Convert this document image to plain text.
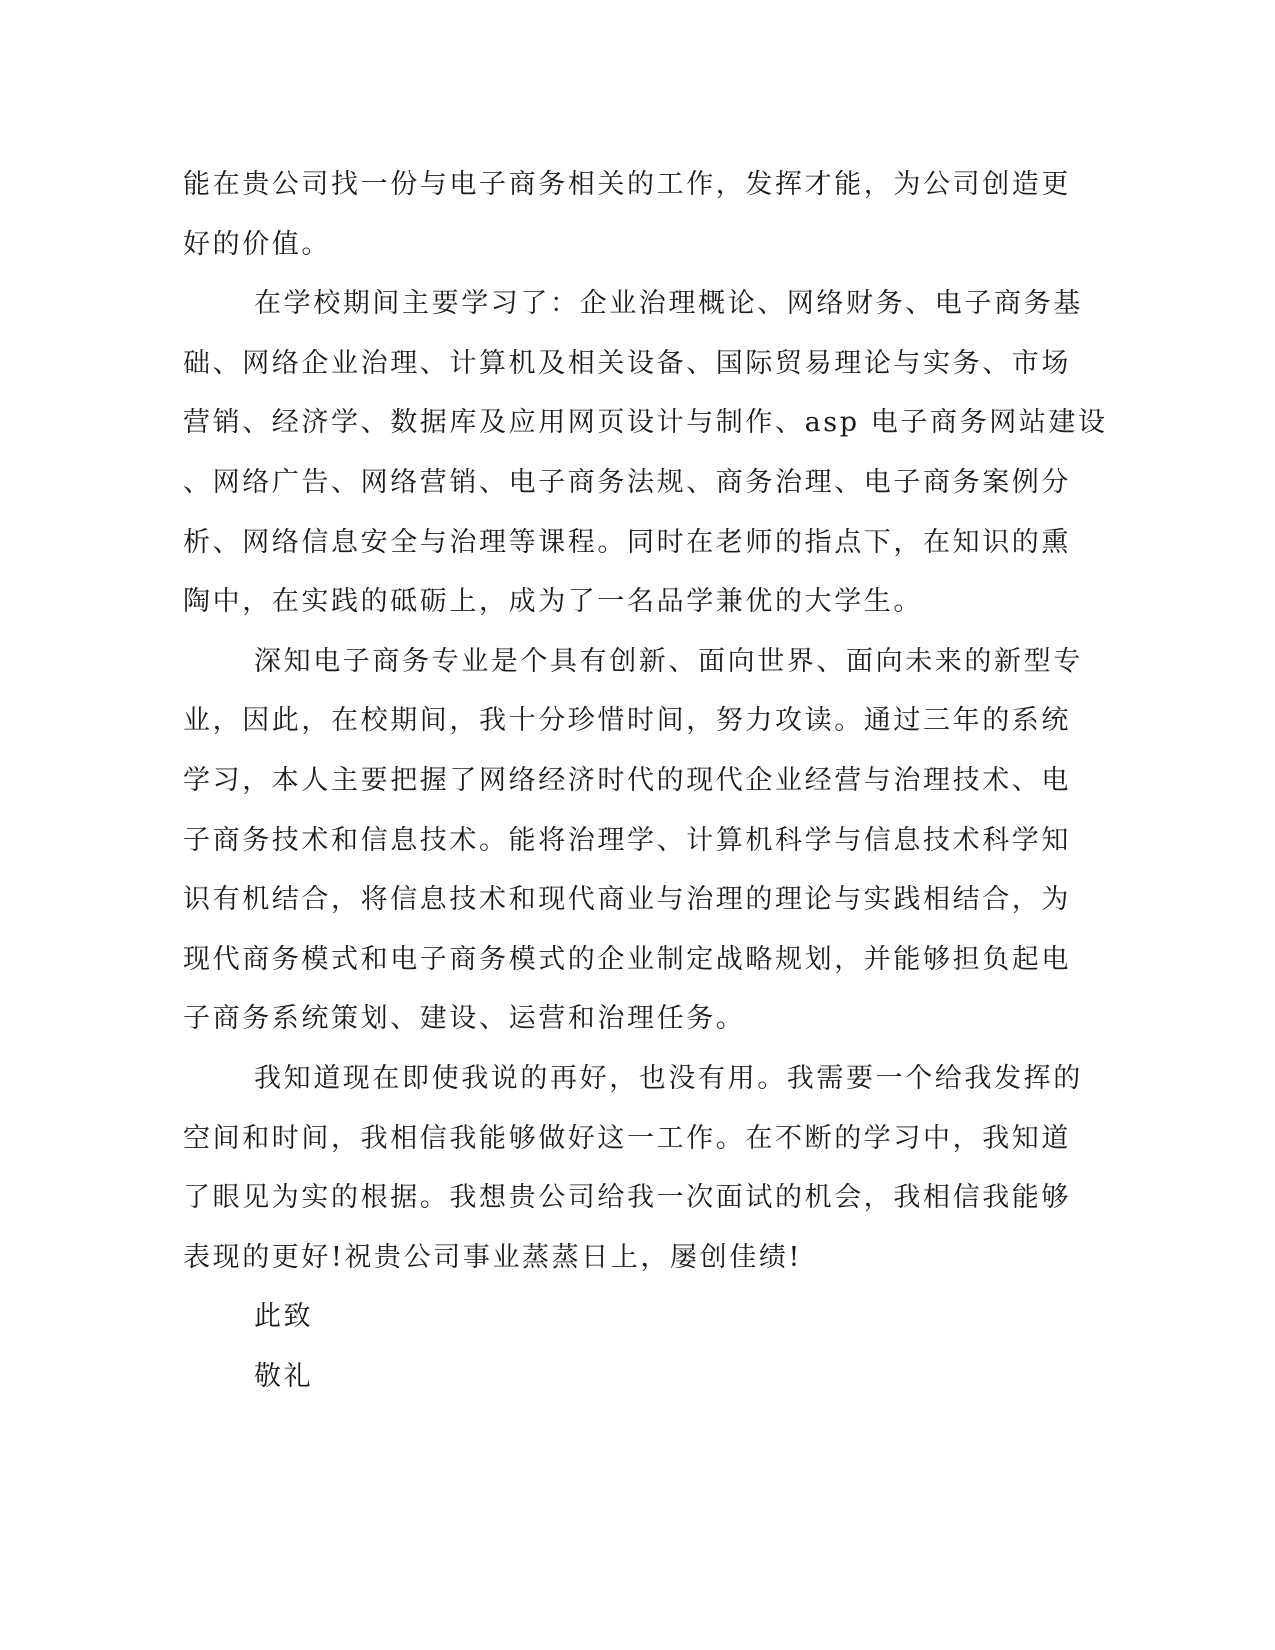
能在贵公司找一份与电子商务相关的工作，发挥才能，为公司创造更
好的价值。
在学校期间主要学习了：企业治理概论、网络财务、电子商务基
础、网络企业治理、计算机及相关设备、国际贸易理论与实务、市场
营销、经济学、数据库及应用网页设计与制作、asp 电子商务网站建设
、网络广告、网络营销、电子商务法规、商务治理、电子商务案例分
析、网络信息安全与治理等课程。同时在老师的指点下，在知识的熏
陶中，在实践的砥砺上，成为了一名品学兼优的大学生。
深知电子商务专业是个具有创新、面向世界、面向未来的新型专
业，因此，在校期间，我十分珍惜时间，努力攻读。通过三年的系统
学习，本人主要把握了网络经济时代的现代企业经营与治理技术、电
子商务技术和信息技术。能将治理学、计算机科学与信息技术科学知
识有机结合，将信息技术和现代商业与治理的理论与实践相结合，为
现代商务模式和电子商务模式的企业制定战略规划，并能够担负起电
子商务系统策划、建设、运营和治理任务。
我知道现在即使我说的再好，也没有用。我需要一个给我发挥的
空间和时间，我相信我能够做好这一工作。在不断的学习中，我知道
了眼见为实的根据。我想贵公司给我一次面试的机会，我相信我能够
表现的更好!祝贵公司事业蒸蒸日上，屡创佳绩!
此致
敬礼
